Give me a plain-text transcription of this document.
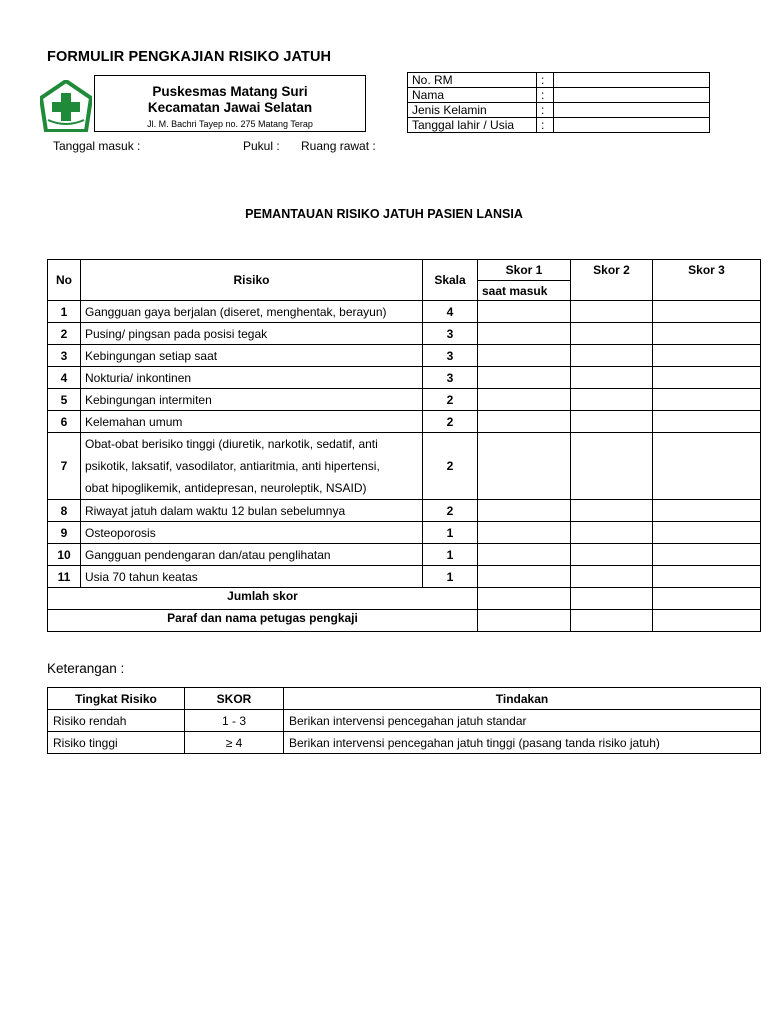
FORMULIR PENGKAJIAN RISIKO JATUH
Puskesmas Matang Suri
Kecamatan Jawai Selatan
Jl. M. Bachri Tayep no. 275 Matang Terap
No. RM	:	
Nama	:	
Jenis Kelamin	:	
Tanggal lahir / Usia	:	
Tanggal masuk :	Pukul : Ruang rawat :
PEMANTAUAN RISIKO JATUH PASIEN LANSIA
No	Risiko	Skala	Skor 1	Skor 2	Skor 3
			saat masuk		
1	Gangguan gaya berjalan (diseret, menghentak, berayun)	4			
2	Pusing/ pingsan pada posisi tegak	3			
3	Kebingungan setiap saat	3			
4	Nokturia/ inkontinen	3			
5	Kebingungan intermiten	2			
6	Kelemahan umum	2			
7	Obat-obat berisiko tinggi (diuretik, narkotik, sedatif, anti
psikotik, laksatif, vasodilator, antiaritmia, anti hipertensi,
obat hipoglikemik, antidepresan, neuroleptik, NSAID)	2			
8	Riwayat jatuh dalam waktu 12 bulan sebelumnya	2			
9	Osteoporosis	1			
10	Gangguan pendengaran dan/atau penglihatan	1			
11	Usia 70 tahun keatas	1			
Jumlah skor					
Paraf dan nama petugas pengkaji					
Keterangan :
Tingkat Risiko	SKOR	Tindakan
Risiko rendah	1 - 3	Berikan intervensi pencegahan jatuh standar
Risiko tinggi	≥ 4	Berikan intervensi pencegahan jatuh tinggi (pasang tanda risiko jatuh)
